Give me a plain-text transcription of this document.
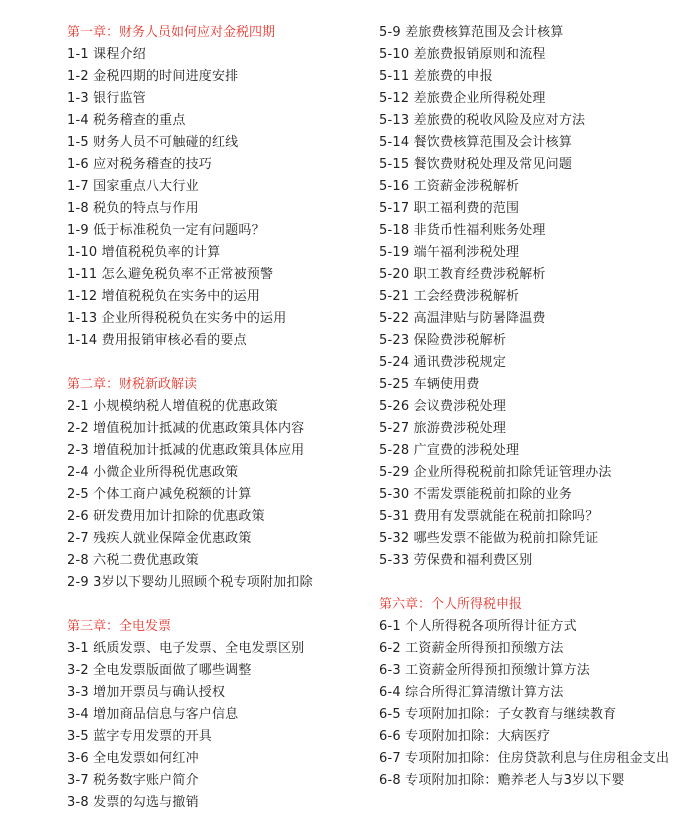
第一章：财务人员如何应对金税四期
1-1 课程介绍
1-2 金税四期的时间进度安排
1-3 银行监管
1-4 税务稽查的重点
1-5 财务人员不可触碰的红线
1-6 应对税务稽查的技巧
1-7 国家重点八大行业
1-8 税负的特点与作用
1-9 低于标准税负一定有问题吗？
1-10 增值税税负率的计算
1-11 怎么避免税负率不正常被预警
1-12 增值税税负在实务中的运用
1-13 企业所得税税负在实务中的运用
1-14 费用报销审核必看的要点
第二章：财税新政解读
2-1 小规模纳税人增值税的优惠政策
2-2 增值税加计抵减的优惠政策具体内容
2-3 增值税加计抵减的优惠政策具体应用
2-4 小微企业所得税优惠政策
2-5 个体工商户减免税额的计算
2-6 研发费用加计扣除的优惠政策
2-7 残疾人就业保障金优惠政策
2-8 六税二费优惠政策
2-9 3岁以下婴幼儿照顾个税专项附加扣除
第三章：全电发票
3-1 纸质发票、电子发票、全电发票区别
3-2 全电发票版面做了哪些调整
3-3 增加开票员与确认授权
3-4 增加商品信息与客户信息
3-5 蓝字专用发票的开具
3-6 全电发票如何红冲
3-7 税务数字账户简介
3-8 发票的勾选与撤销
5-9 差旅费核算范围及会计核算
5-10 差旅费报销原则和流程
5-11 差旅费的申报
5-12 差旅费企业所得税处理
5-13 差旅费的税收风险及应对方法
5-14 餐饮费核算范围及会计核算
5-15 餐饮费财税处理及常见问题
5-16 工资薪金涉税解析
5-17 职工福利费的范围
5-18 非货币性福利账务处理
5-19 端午福利涉税处理
5-20 职工教育经费涉税解析
5-21 工会经费涉税解析
5-22 高温津贴与防暑降温费
5-23 保险费涉税解析
5-24 通讯费涉税规定
5-25 车辆使用费
5-26 会议费涉税处理
5-27 旅游费涉税处理
5-28 广宣费的涉税处理
5-29 企业所得税税前扣除凭证管理办法
5-30 不需发票能税前扣除的业务
5-31 费用有发票就能在税前扣除吗？
5-32 哪些发票不能做为税前扣除凭证
5-33 劳保费和福利费区别
第六章：个人所得税申报
6-1 个人所得税各项所得计征方式
6-2 工资薪金所得预扣预缴方法
6-3 工资薪金所得预扣预缴计算方法
6-4 综合所得汇算清缴计算方法
6-5 专项附加扣除：子女教育与继续教育
6-6 专项附加扣除：大病医疗
6-7 专项附加扣除：住房贷款利息与住房租金支出
6-8 专项附加扣除：赡养老人与3岁以下婴
